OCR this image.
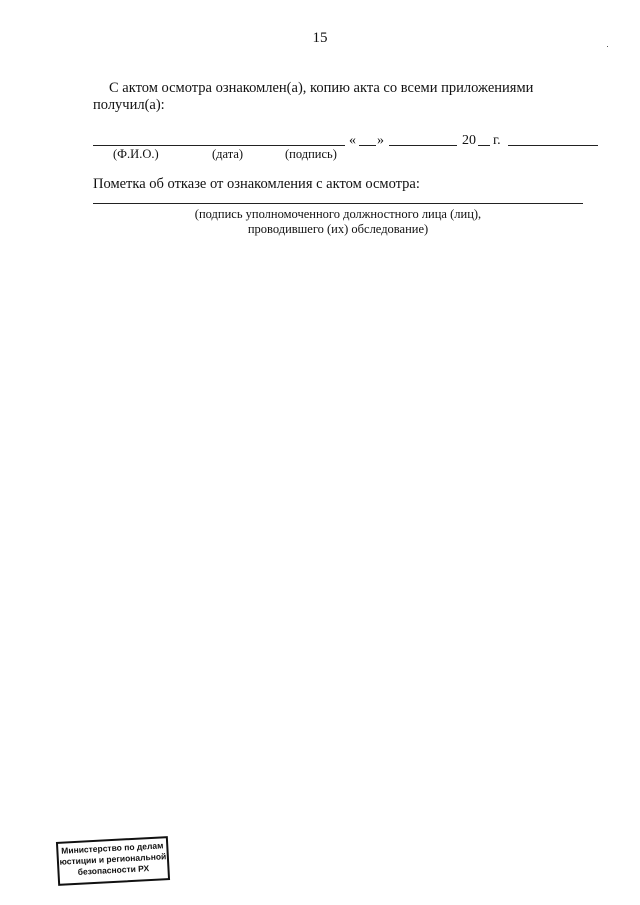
15
С актом осмотра ознакомлен(а), копию акта со всеми приложениями
получил(а):
« »	20 г.
(Ф.И.О.)	(дата)	(подпись)
Пометка об отказе от ознакомления с актом осмотра:
(подпись уполномоченного должностного лица (лиц),
проводившего (их) обследование)
Министерство по делам
юстиции и региональной
безопасности РХ
